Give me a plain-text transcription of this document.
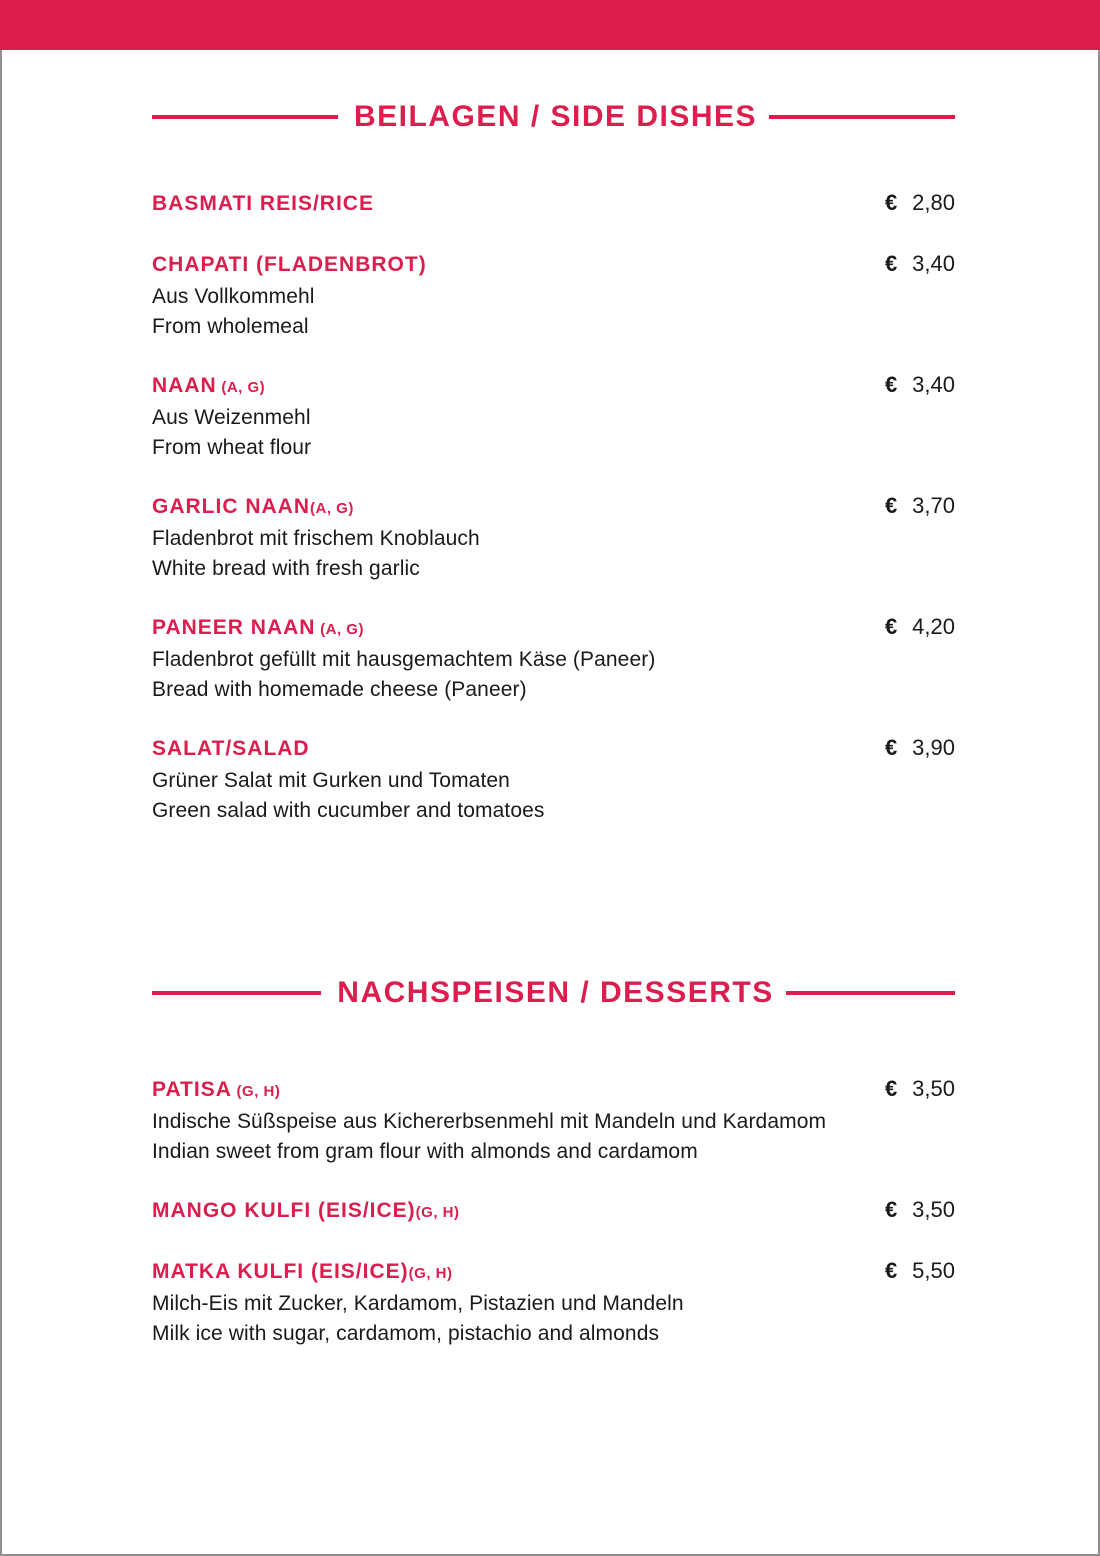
BEILAGEN / SIDE DISHES
BASMATI REIS/RICE	€ 2,80
CHAPATI (FLADENBROT)	€ 3,40
Aus Vollkommehl
From wholemeal
NAAN (A, G)	€ 3,40
Aus Weizenmehl
From wheat flour
GARLIC NAAN(A, G)	€ 3,70
Fladenbrot mit frischem Knoblauch
White bread with fresh garlic
PANEER NAAN (A, G)	€ 4,20
Fladenbrot gefüllt mit hausgemachtem Käse (Paneer)
Bread with homemade cheese (Paneer)
SALAT/SALAD	€ 3,90
Grüner Salat mit Gurken und Tomaten
Green salad with cucumber and tomatoes
NACHSPEISEN / DESSERTS
PATISA (G, H)	€ 3,50
Indische Süßspeise aus Kichererbsenmehl mit Mandeln und Kardamom
Indian sweet from gram flour with almonds and cardamom
MANGO KULFI (EIS/ICE)(G, H)	€ 3,50
MATKA KULFI (EIS/ICE)(G, H)	€ 5,50
Milch-Eis mit Zucker, Kardamom, Pistazien und Mandeln
Milk ice with sugar, cardamom, pistachio and almonds
